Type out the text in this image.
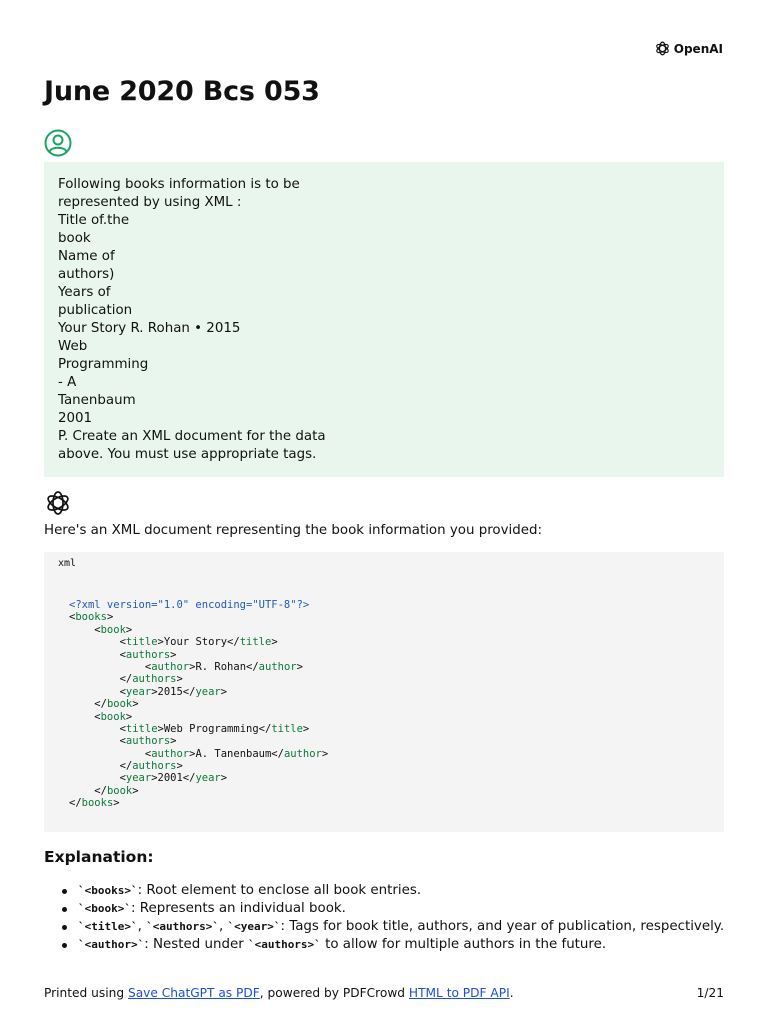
OpenAI
June 2020 Bcs 053

Following books information is to be
represented by using XML :
Title of.the
book
Name of
authors)
Years of
publication
Your Story R. Rohan • 2015
Web
Programming
- A
Tanenbaum
2001
P. Create an XML document for the data
above. You must use appropriate tags.

Here's an XML document representing the book information you provided:

xml
<?xml version="1.0" encoding="UTF-8"?>
<books>
<book>
<title>Your Story</title>
<authors>
<author>R. Rohan</author>
</authors>
<year>2015</year>
</book>
<book>
<title>Web Programming</title>
<authors>
<author>A. Tanenbaum</author>
</authors>
<year>2001</year>
</book>
</books>
Explanation:
`<books>`: Root element to enclose all book entries.
`<book>`: Represents an individual book.
`<title>`, `<authors>`, `<year>`: Tags for book title, authors, and year of publication, respectively.
`<author>`: Nested under `<authors>` to allow for multiple authors in the future.
Printed using Save ChatGPT as PDF, powered by PDFCrowd HTML to PDF API.	1/21
